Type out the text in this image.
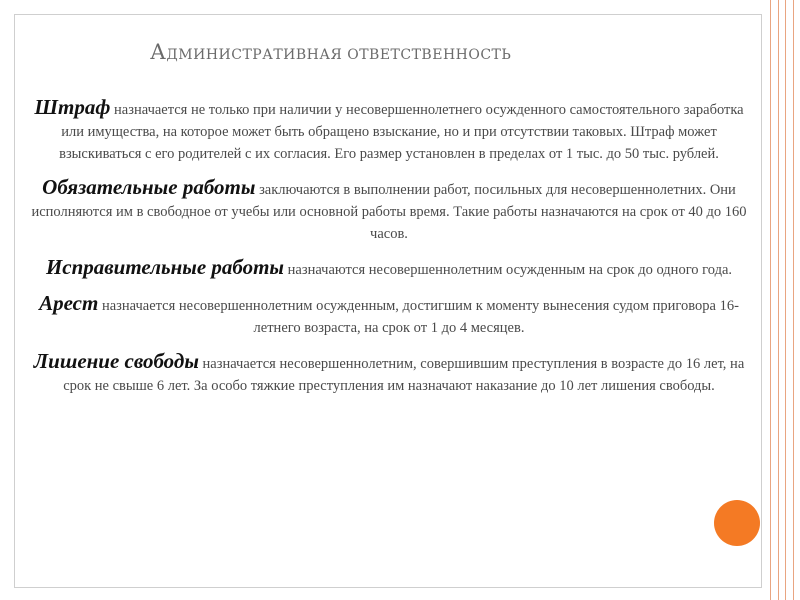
АДМИНИСТРАТИВНАЯ ОТВЕТСТВЕННОСТЬ

Штраф назначается не только при наличии у несовершеннолетнего осужденного самостоятельного заработка или имущества, на которое может быть обращено взыскание, но и при отсутствии таковых. Штраф может взыскиваться с его родителей с их согласия. Его размер установлен в пределах от 1 тыс. до 50 тыс. рублей.

Обязательные работы заключаются в выполнении работ, посильных для несовершеннолетних. Они исполняются им в свободное от учебы или основной работы время. Такие работы назначаются на срок от 40 до 160 часов.

Исправительные работы назначаются несовершеннолетним осужденным на срок до одного года.

Арест назначается несовершеннолетним осужденным, достигшим к моменту вынесения судом приговора 16-летнего возраста, на срок от 1 до 4 месяцев.

Лишение свободы назначается несовершеннолетним, совершившим преступления в возрасте до 16 лет, на срок не свыше 6 лет. За особо тяжкие преступления им назначают наказание до 10 лет лишения свободы.
